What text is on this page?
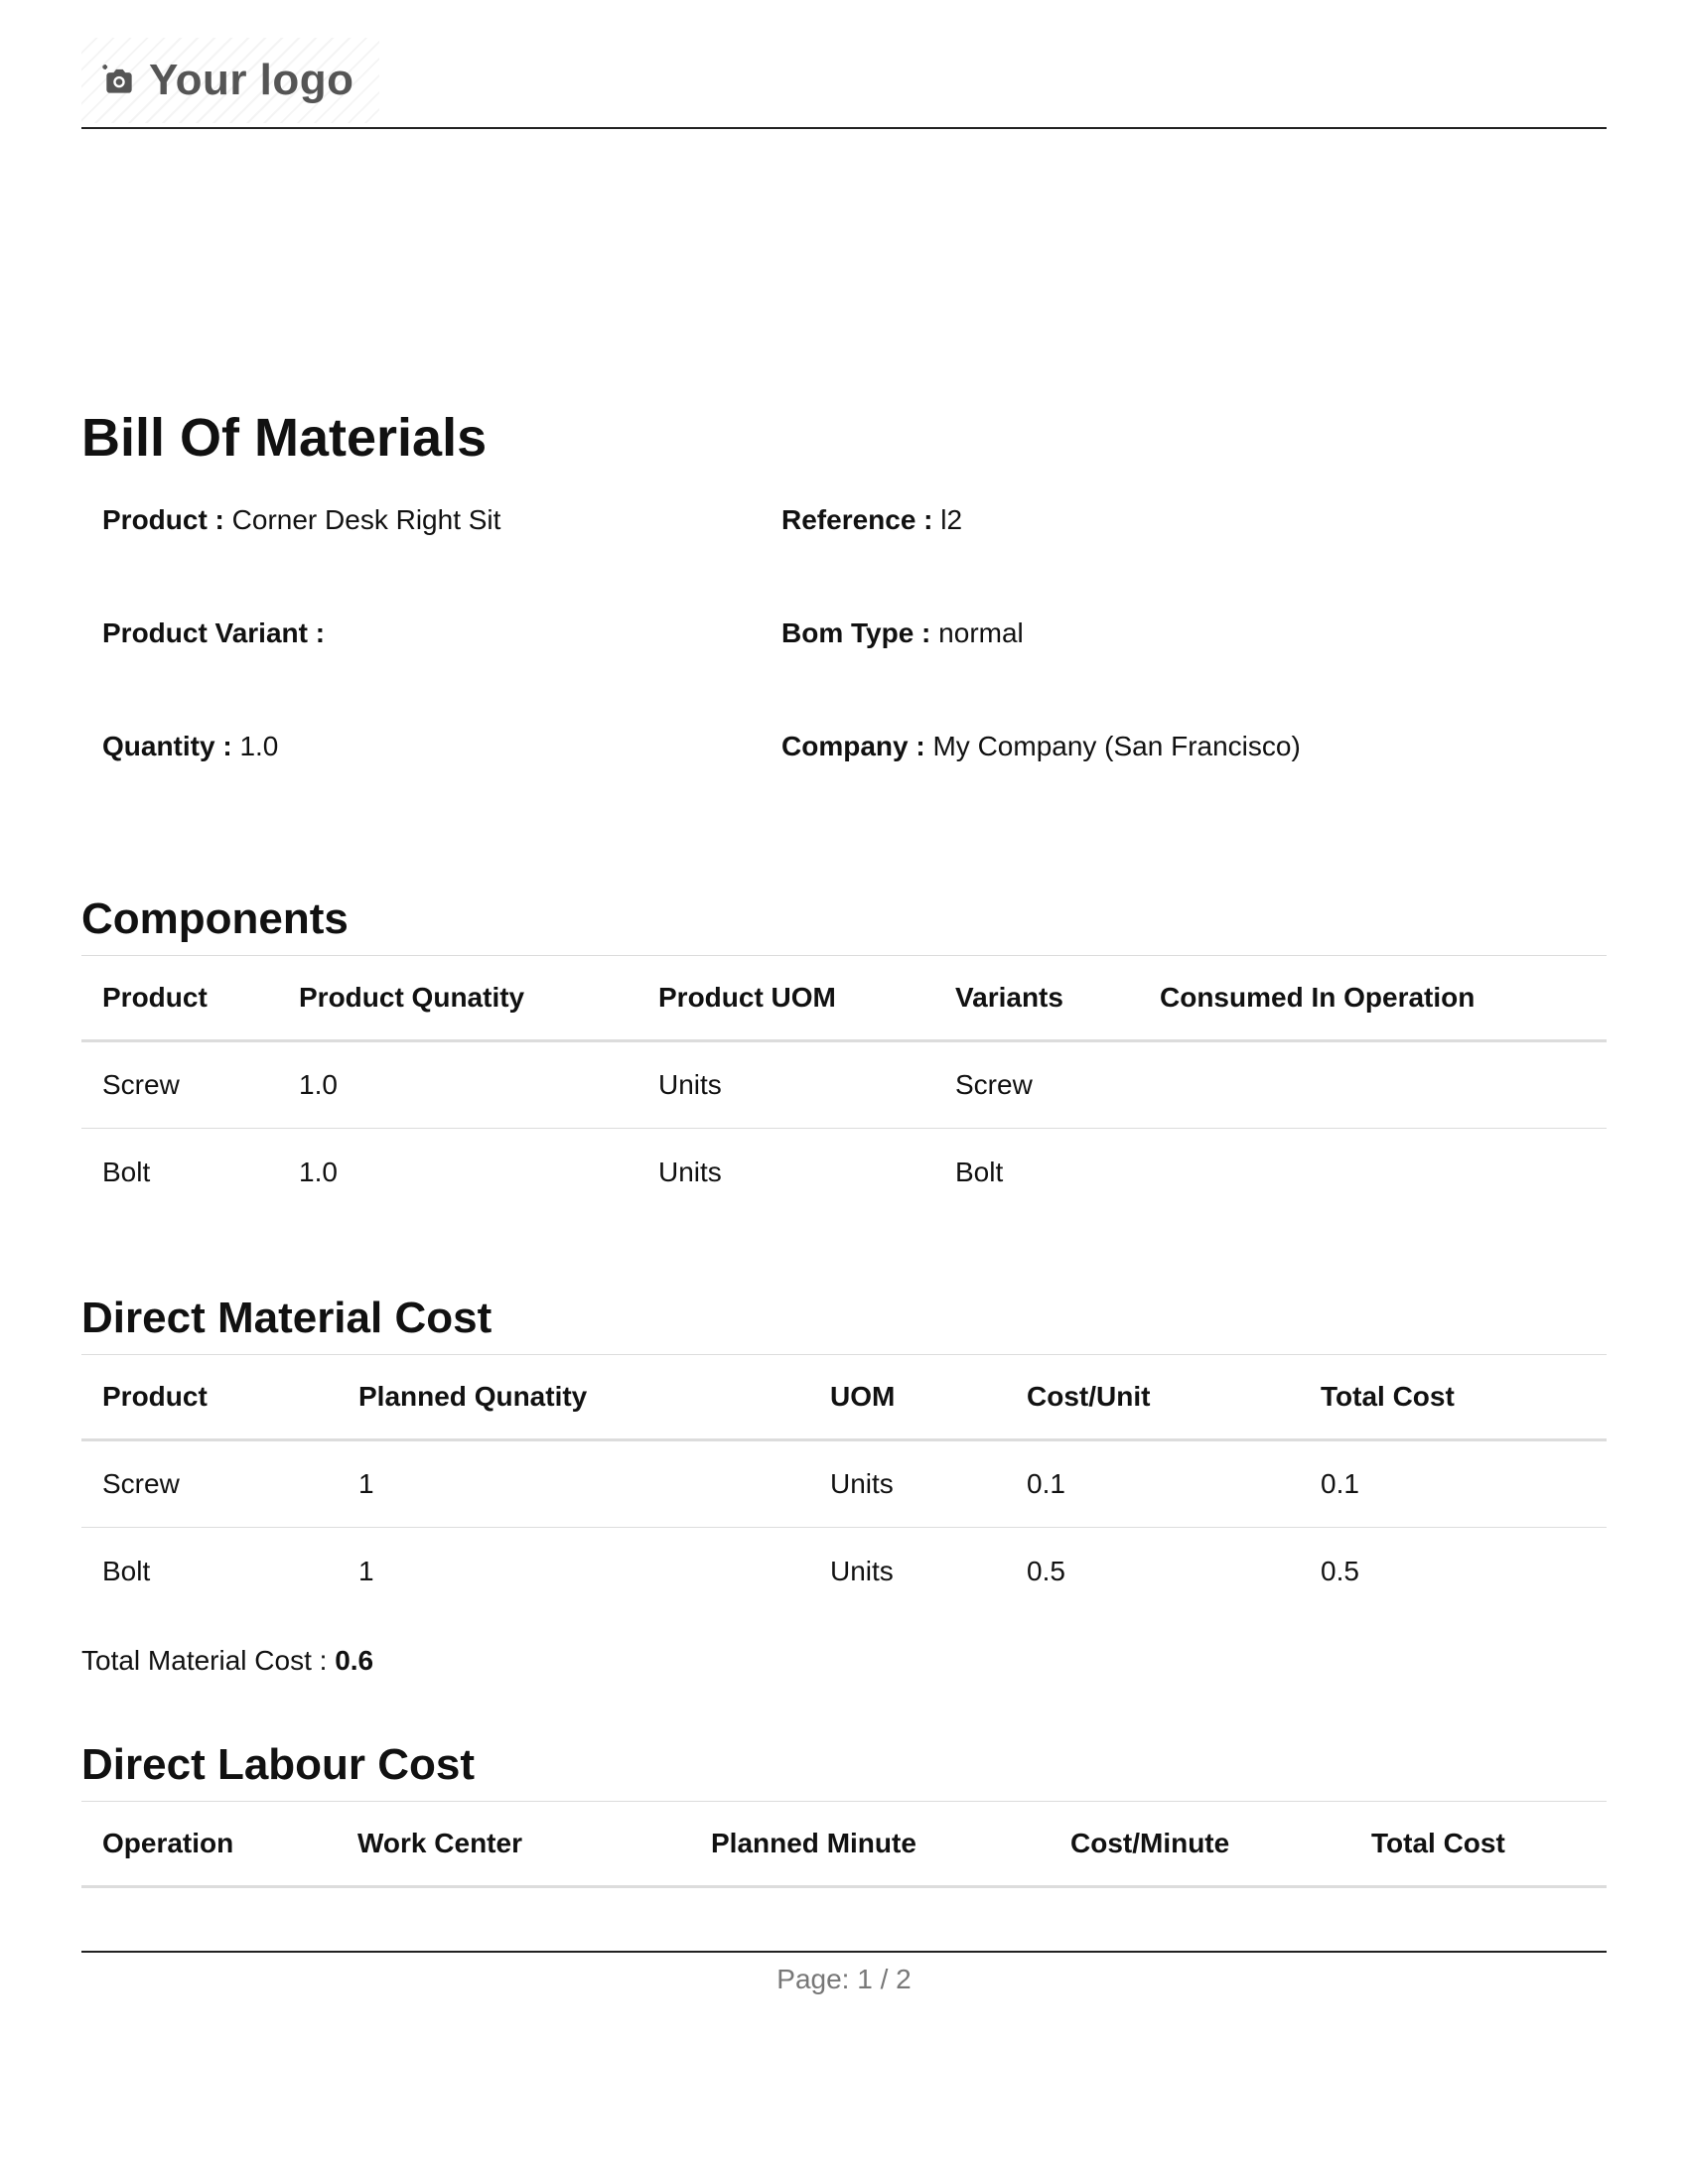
Your logo
Bill Of Materials
Product : Corner Desk Right Sit	Reference : l2
Product Variant :	Bom Type : normal
Quantity : 1.0	Company : My Company (San Francisco)
Components
Product	Product Qunatity	Product UOM	Variants	Consumed In Operation
Screw	1.0	Units	Screw	
Bolt	1.0	Units	Bolt	
Direct Material Cost
Product	Planned Qunatity	UOM	Cost/Unit	Total Cost
Screw	1	Units	0.1	0.1
Bolt	1	Units	0.5	0.5
Total Material Cost : 0.6
Direct Labour Cost
Operation	Work Center	Planned Minute	Cost/Minute	Total Cost
Page: 1 / 2
